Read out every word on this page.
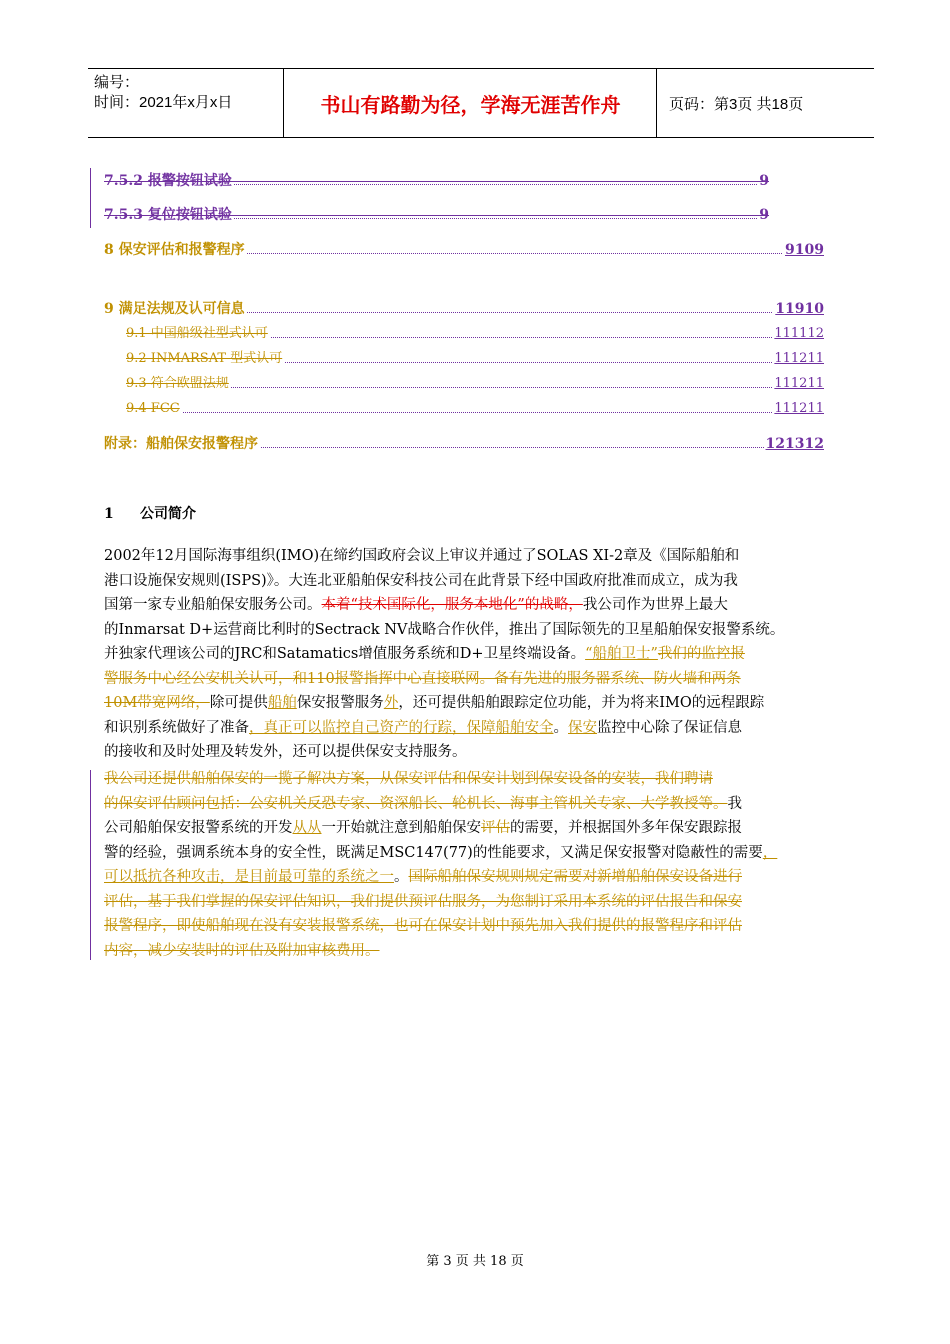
编号：
时间：2021年x月x日	书山有路勤为径，学海无涯苦作舟	页码：第3页 共18页
7.5.2 报警按钮试验	9
7.5.3 复位按钮试验	9
8 保安评估和报警程序	9109
9 满足法规及认可信息	11910
9.1 中国船级社型式认可	111112
9.2 INMARSAT 型式认可	111211
9.3 符合欧盟法规	111211
9.4 FCC	111211
附录：船舶保安报警程序	121312
1 公司简介
2002年12月国际海事组织(IMO)在缔约国政府会议上审议并通过了SOLAS XI-2章及《国际船舶和
港口设施保安规则(ISPS)》。大连北亚船舶保安科技公司在此背景下经中国政府批准而成立，成为我
国第一家专业船舶保安服务公司。本着“技术国际化，服务本地化”的战略，我公司作为世界上最大
的Inmarsat D+运营商比利时的Sectrack NV战略合作伙伴，推出了国际领先的卫星船舶保安报警系统。
并独家代理该公司的JRC和Satamatics增值服务系统和D+卫星终端设备。“船舶卫士”我们的监控报
警服务中心经公安机关认可，和110报警指挥中心直接联网。备有先进的服务器系统、防火墙和两条
10M带宽网络，除可提供船舶保安报警服务外，还可提供船舶跟踪定位功能，并为将来IMO的远程跟踪
和识别系统做好了准备，真正可以监控自己资产的行踪，保障船舶安全。保安监控中心除了保证信息
的接收和及时处理及转发外，还可以提供保安支持服务。
我公司还提供船舶保安的一揽子解决方案，从保安评估和保安计划到保安设备的安装，我们聘请
的保安评估顾问包括：公安机关反恐专家、资深船长、轮机长、海事主管机关专家、大学教授等。我
公司船舶保安报警系统的开发从从一开始就注意到船舶保安评估的需要，并根据国外多年保安跟踪报
警的经验，强调系统本身的安全性，既满足MSC147(77)的性能要求，又满足保安报警对隐蔽性的需要，
可以抵抗各种攻击，是目前最可靠的系统之一。国际船舶保安规则规定需要对新增船舶保安设备进行
评估，基于我们掌握的保安评估知识，我们提供预评估服务，为您制订采用本系统的评估报告和保安
报警程序，即使船舶现在没有安装报警系统，也可在保安计划中预先加入我们提供的报警程序和评估
内容，减少安装时的评估及附加审核费用。
第 3 页 共 18 页
